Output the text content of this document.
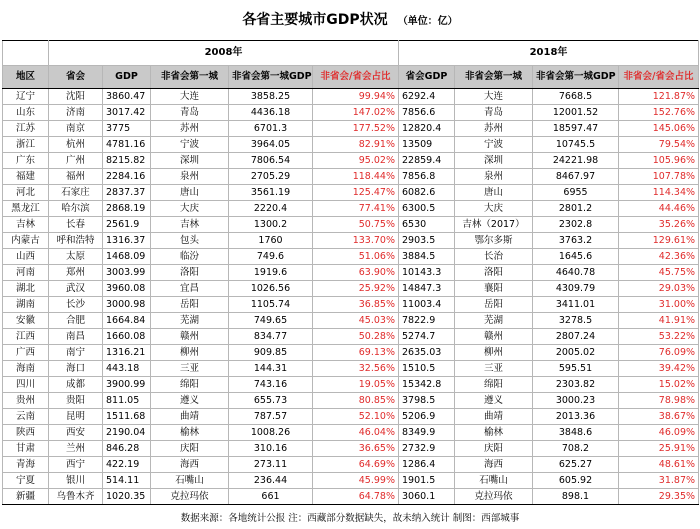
各省主要城市GDP状况 （单位：亿）
	2008年					2018年			
地区	省会	GDP	非省会第一城	非省会第一城GDP	非省会/省会占比	省会GDP	非省会第一城	非省会第一城GDP	非省会/省会占比
辽宁	沈阳	3860.47	大连	3858.25	99.94%	6292.4	大连	7668.5	121.87%
山东	济南	3017.42	青岛	4436.18	147.02%	7856.6	青岛	12001.52	152.76%
江苏	南京	3775	苏州	6701.3	177.52%	12820.4	苏州	18597.47	145.06%
浙江	杭州	4781.16	宁波	3964.05	82.91%	13509	宁波	10745.5	79.54%
广东	广州	8215.82	深圳	7806.54	95.02%	22859.4	深圳	24221.98	105.96%
福建	福州	2284.16	泉州	2705.29	118.44%	7856.8	泉州	8467.97	107.78%
河北	石家庄	2837.37	唐山	3561.19	125.47%	6082.6	唐山	6955	114.34%
黑龙江	哈尔滨	2868.19	大庆	2220.4	77.41%	6300.5	大庆	2801.2	44.46%
吉林	长春	2561.9	吉林	1300.2	50.75%	6530	吉林（2017）	2302.8	35.26%
内蒙古	呼和浩特	1316.37	包头	1760	133.70%	2903.5	鄂尔多斯	3763.2	129.61%
山西	太原	1468.09	临汾	749.6	51.06%	3884.5	长治	1645.6	42.36%
河南	郑州	3003.99	洛阳	1919.6	63.90%	10143.3	洛阳	4640.78	45.75%
湖北	武汉	3960.08	宜昌	1026.56	25.92%	14847.3	襄阳	4309.79	29.03%
湖南	长沙	3000.98	岳阳	1105.74	36.85%	11003.4	岳阳	3411.01	31.00%
安徽	合肥	1664.84	芜湖	749.65	45.03%	7822.9	芜湖	3278.5	41.91%
江西	南昌	1660.08	赣州	834.77	50.28%	5274.7	赣州	2807.24	53.22%
广西	南宁	1316.21	柳州	909.85	69.13%	2635.03	柳州	2005.02	76.09%
海南	海口	443.18	三亚	144.31	32.56%	1510.5	三亚	595.51	39.42%
四川	成都	3900.99	绵阳	743.16	19.05%	15342.8	绵阳	2303.82	15.02%
贵州	贵阳	811.05	遵义	655.73	80.85%	3798.5	遵义	3000.23	78.98%
云南	昆明	1511.68	曲靖	787.57	52.10%	5206.9	曲靖	2013.36	38.67%
陕西	西安	2190.04	榆林	1008.26	46.04%	8349.9	榆林	3848.6	46.09%
甘肃	兰州	846.28	庆阳	310.16	36.65%	2732.9	庆阳	708.2	25.91%
青海	西宁	422.19	海西	273.11	64.69%	1286.4	海西	625.27	48.61%
宁夏	银川	514.11	石嘴山	236.44	45.99%	1901.5	石嘴山	605.92	31.87%
新疆	乌鲁木齐	1020.35	克拉玛依	661	64.78%	3060.1	克拉玛依	898.1	29.35%
数据来源：各地统计公报 注：西藏部分数据缺失，故未纳入统计 制图：西部城事
